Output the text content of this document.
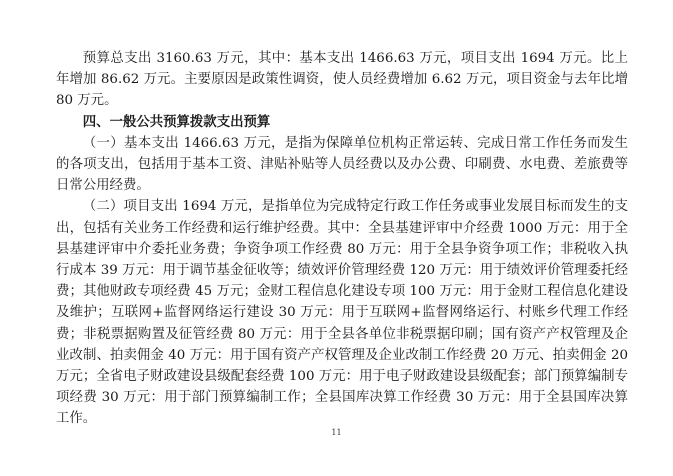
预算总支出 3160.63 万元，其中：基本支出 1466.63 万元，项目支出 1694 万元。比上年增加 86.62 万元。主要原因是政策性调资，使人员经费增加 6.62 万元，项目资金与去年比增 80 万元。

四、一般公共预算拨款支出预算

（一）基本支出 1466.63 万元，是指为保障单位机构正常运转、完成日常工作任务而发生的各项支出，包括用于基本工资、津贴补贴等人员经费以及办公费、印刷费、水电费、差旅费等日常公用经费。

（二）项目支出 1694 万元，是指单位为完成特定行政工作任务或事业发展目标而发生的支出，包括有关业务工作经费和运行维护经费。其中：全县基建评审中介经费 1000 万元：用于全县基建评审中介委托业务费；争资争项工作经费 80 万元：用于全县争资争项工作；非税收入执行成本 39 万元：用于调节基金征收等；绩效评价管理经费 120 万元：用于绩效评价管理委托经费；其他财政专项经费 45 万元；金财工程信息化建设专项 100 万元：用于金财工程信息化建设及维护；互联网+监督网络运行建设 30 万元：用于互联网+监督网络运行、村账乡代理工作经费；非税票据购置及征管经费 80 万元：用于全县各单位非税票据印刷；国有资产产权管理及企业改制、拍卖佣金 40 万元：用于国有资产产权管理及企业改制工作经费 20 万元、拍卖佣金 20 万元；全省电子财政建设县级配套经费 100 万元：用于电子财政建设县级配套；部门预算编制专项经费 30 万元：用于部门预算编制工作；全县国库决算工作经费 30 万元：用于全县国库决算工作。

11
